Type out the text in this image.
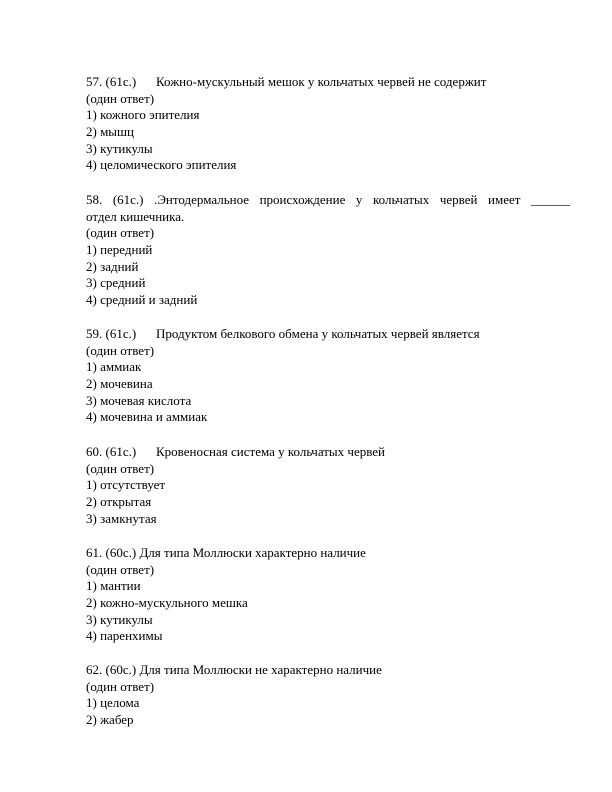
57. (61с.) Кожно-мускульный мешок у кольчатых червей не содержит
(один ответ)
1) кожного эпителия
2) мышц
3) кутикулы
4) целомического эпителия
58. (61с.) .Энтодермальное происхождение у кольчатых червей имеет ______
отдел кишечника.
(один ответ)
1) передний
2) задний
3) средний
4) средний и задний
59. (61с.) Продуктом белкового обмена у кольчатых червей является
(один ответ)
1) аммиак
2) мочевина
3) мочевая кислота
4) мочевина и аммиак
60. (61с.) Кровеносная система у кольчатых червей
(один ответ)
1) отсутствует
2) открытая
3) замкнутая
61. (60с.) Для типа Моллюски характерно наличие
(один ответ)
1) мантии
2) кожно-мускульного мешка
3) кутикулы
4) паренхимы
62. (60с.) Для типа Моллюски не характерно наличие
(один ответ)
1) целома
2) жабер
